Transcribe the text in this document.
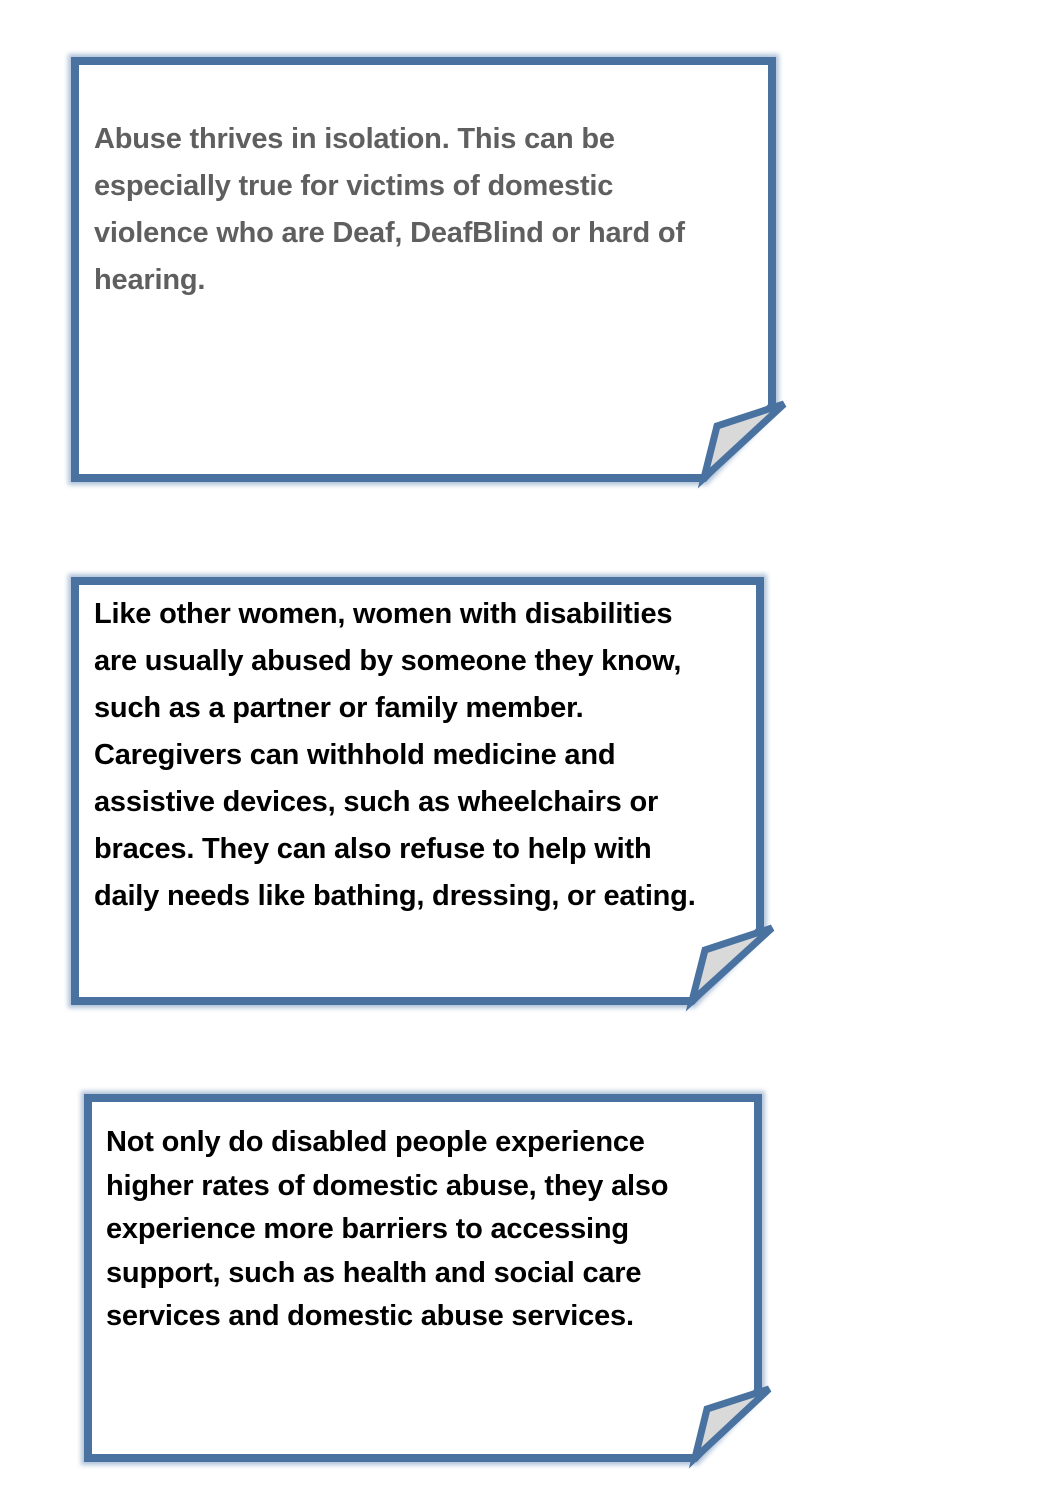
Abuse thrives in isolation. This can be
especially true for victims of domestic
violence who are Deaf, DeafBlind or hard of
hearing.

Like other women, women with disabilities
are usually abused by someone they know,
such as a partner or family member.
Caregivers can withhold medicine and
assistive devices, such as wheelchairs or
braces. They can also refuse to help with
daily needs like bathing, dressing, or eating.

Not only do disabled people experience
higher rates of domestic abuse, they also
experience more barriers to accessing
support, such as health and social care
services and domestic abuse services.
